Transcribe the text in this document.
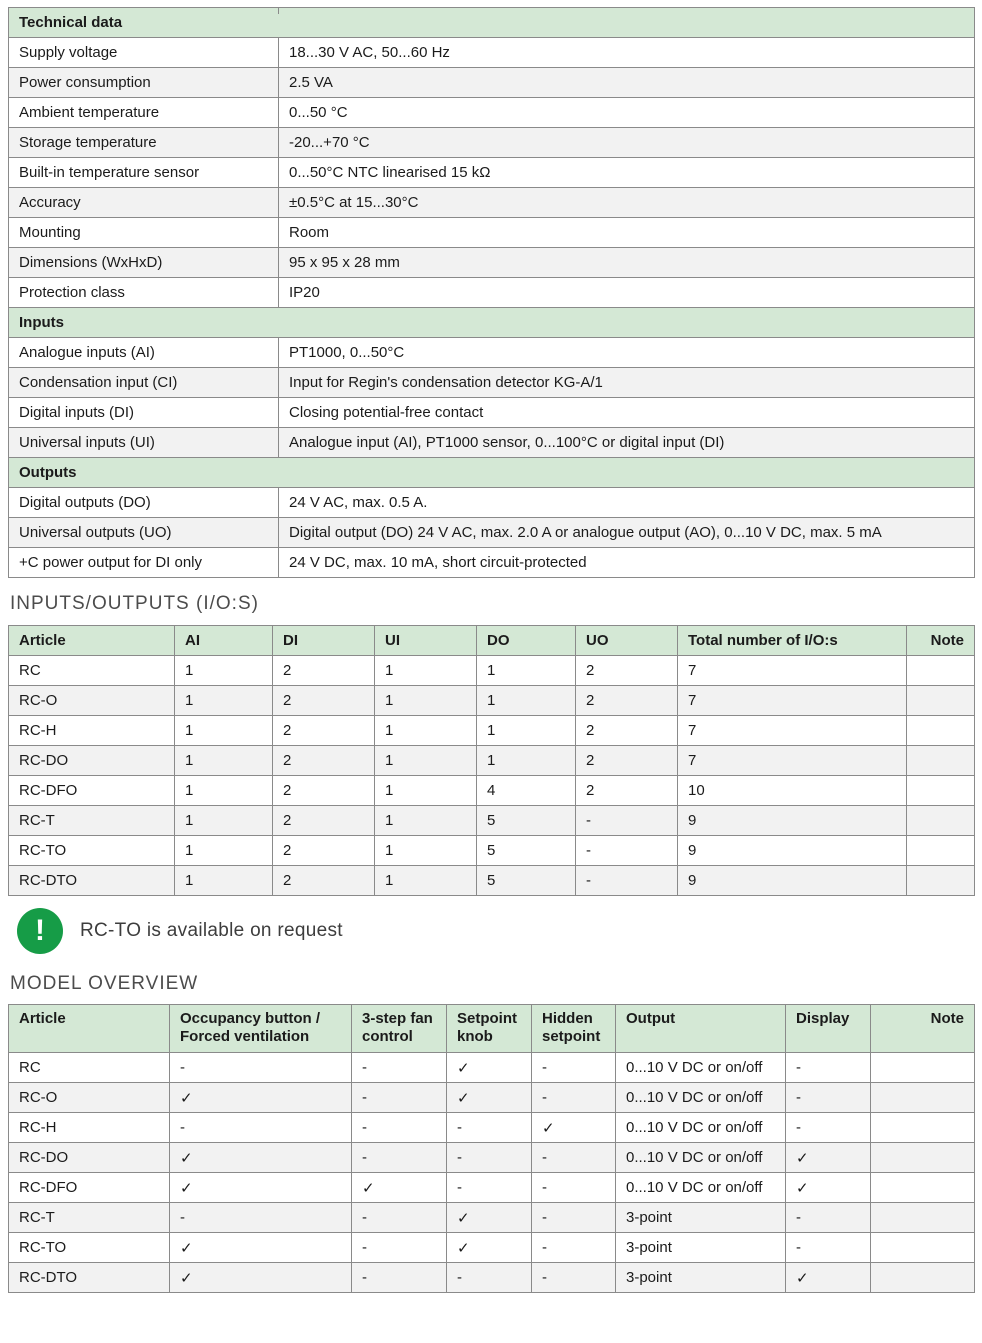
Technical data	
Supply voltage	18...30 V AC, 50...60 Hz
Power consumption	2.5 VA
Ambient temperature	0...50 °C
Storage temperature	-20...+70 °C
Built-in temperature sensor	0...50°C NTC linearised 15 kΩ
Accuracy	±0.5°C at 15...30°C
Mounting	Room
Dimensions (WxHxD)	95 x 95 x 28 mm
Protection class	IP20
Inputs	
Analogue inputs (AI)	PT1000, 0...50°C
Condensation input (CI)	Input for Regin's condensation detector KG-A/1
Digital inputs (DI)	Closing potential-free contact
Universal inputs (UI)	Analogue input (AI), PT1000 sensor, 0...100°C or digital input (DI)
Outputs	
Digital outputs (DO)	24 V AC, max. 0.5 A.
Universal outputs (UO)	Digital output (DO) 24 V AC, max. 2.0 A or analogue output (AO), 0...10 V DC, max. 5 mA
+C power output for DI only	24 V DC, max. 10 mA, short circuit-protected
INPUTS/OUTPUTS (I/O:S)
Article	AI	DI	UI	DO	UO	Total number of I/O:s	Note
RC	1	2	1	1	2	7	
RC-O	1	2	1	1	2	7	
RC-H	1	2	1	1	2	7	
RC-DO	1	2	1	1	2	7	
RC-DFO	1	2	1	4	2	10	
RC-T	1	2	1	5	-	9	
RC-TO	1	2	1	5	-	9	
RC-DTO	1	2	1	5	-	9	
! RC-TO is available on request
MODEL OVERVIEW
Article	Occupancy button / Forced ventilation	3-step fan control	Setpoint knob	Hidden setpoint	Output	Display	Note
RC	-	-	✓	-	0...10 V DC or on/off	-	
RC-O	✓	-	✓	-	0...10 V DC or on/off	-	
RC-H	-	-	-	✓	0...10 V DC or on/off	-	
RC-DO	✓	-	-	-	0...10 V DC or on/off	✓	
RC-DFO	✓	✓	-	-	0...10 V DC or on/off	✓	
RC-T	-	-	✓	-	3-point	-	
RC-TO	✓	-	✓	-	3-point	-	
RC-DTO	✓	-	-	-	3-point	✓	
